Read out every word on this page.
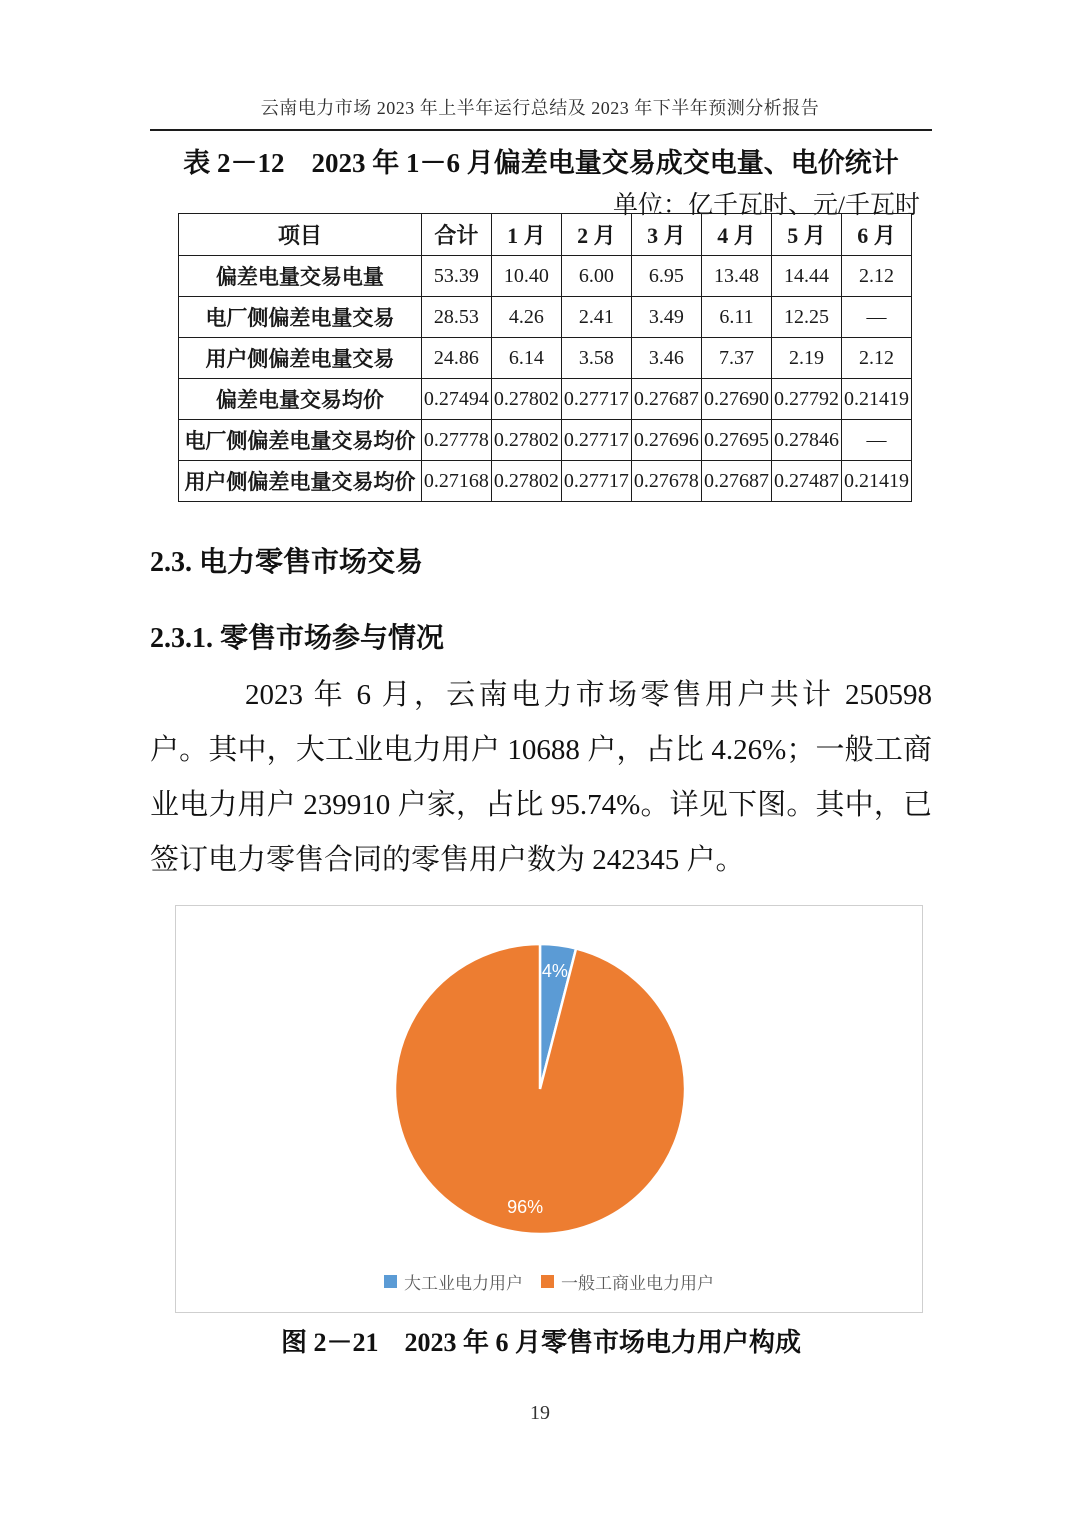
云南电力市场 2023 年上半年运行总结及 2023 年下半年预测分析报告
表 2－12　2023 年 1－6 月偏差电量交易成交电量、电价统计
单位：亿千瓦时、元/千瓦时
项目	合计	1 月	2 月	3 月	4 月	5 月	6 月
偏差电量交易电量	53.39	10.40	6.00	6.95	13.48	14.44	2.12
电厂侧偏差电量交易	28.53	4.26	2.41	3.49	6.11	12.25	—
用户侧偏差电量交易	24.86	6.14	3.58	3.46	7.37	2.19	2.12
偏差电量交易均价	0.27494	0.27802	0.27717	0.27687	0.27690	0.27792	0.21419
电厂侧偏差电量交易均价	0.27778	0.27802	0.27717	0.27696	0.27695	0.27846	—
用户侧偏差电量交易均价	0.27168	0.27802	0.27717	0.27678	0.27687	0.27487	0.21419
2.3. 电力零售市场交易
2.3.1. 零售市场参与情况

2023 年 6 月，云南电力市场零售用户共计 250598 户。其中，大工业电力用户 10688 户，占比 4.26%；一般工商业电力用户 239910 户家，占比 95.74%。详见下图。其中，已签订电力零售合同的零售用户数为 242345 户。

4%
96%
大工业电力用户 一般工商业电力用户
图 2－21　2023 年 6 月零售市场电力用户构成
19
